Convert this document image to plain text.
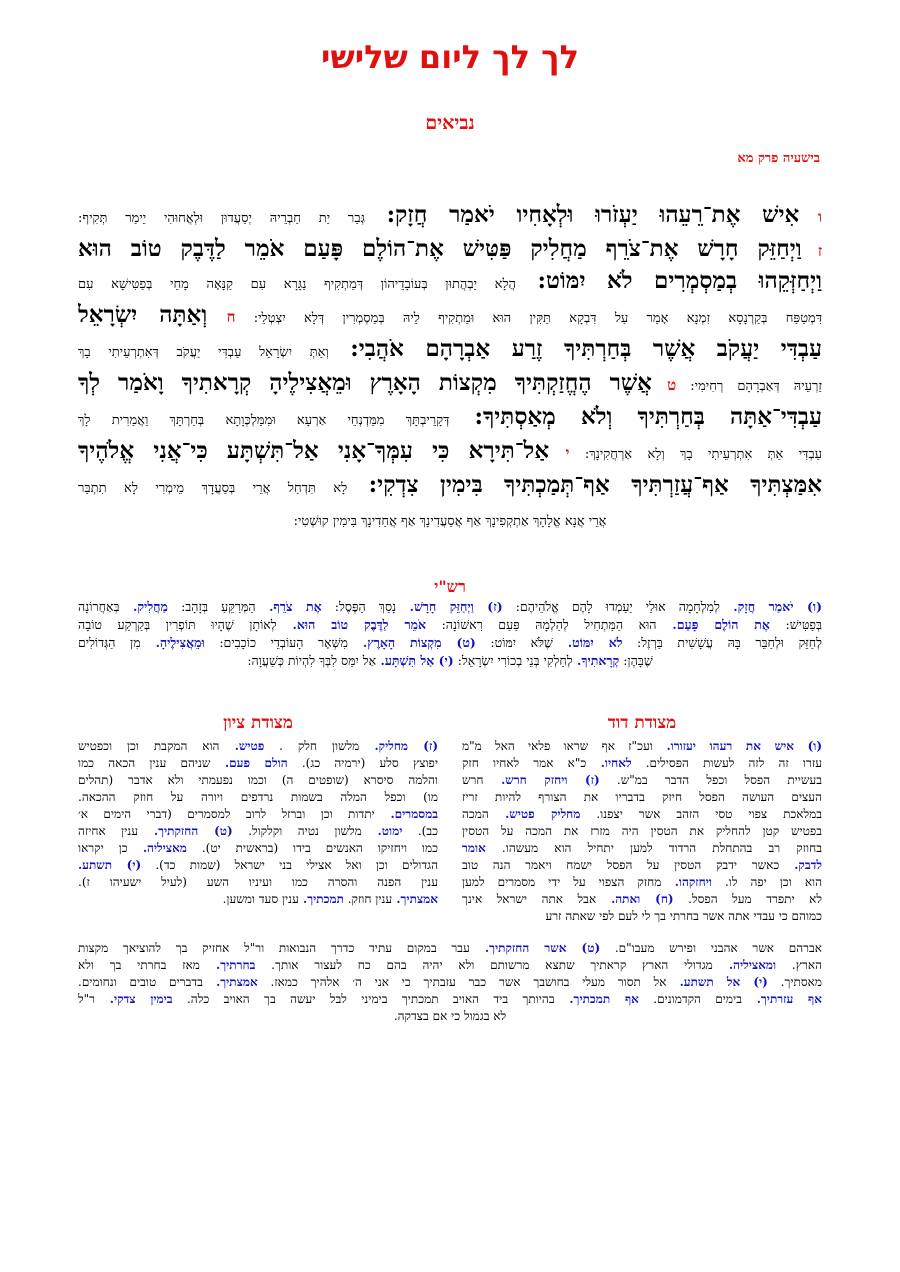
לך לך ליום שלישי
נביאים
בישעיה פרק מא
ו אִישׁ אֶת־רֵעֵהוּ יַעְזֹרוּ וּלְאָחִיו יֹאמַר חֲזָק: גְּבַר יַת חַבְרֵיהּ יְסַעֲדוּן וּלְאֲחוּהִי יֵימַר תְּקִיף:
ז וַיְחַזֵּק חָרָשׁ אֶת־צֹרֵף מַחֲלִיק פַּטִּישׁ אֶת־הוֹלֶם פָּעַם אֹמֵר לַדֶּבֶק טוֹב הוּא
וַיְחַזְּקֵהוּ בְמַסְמְרִים לֹא יִמּוֹט: הֲלָא יַבְהֲתוּן בְּעוֹבָדֵיהוֹן דְּמַתְקִיף נַגָּרָא עִם קַנָּאָה מָחֵי בְּפַטִּישָׁא עִם
דִּמְטַפַּח בְּקַרְנָסָא זִמְנָא אָמַר עַל דִּבְקָא תַּקִּין הוּא וּמַתְקִיף לֵיהּ בְּמַסְמְרִין דְּלָא יִצְטְלֵי: ח וְאַתָּה יִשְׂרָאֵל
עַבְדִּי יַעֲקֹב אֲשֶׁר בְּחַרְתִּיךָ זֶרַע אַבְרָהָם אֹהֲבִי: וְאַתְּ יִשְׂרָאֵל עַבְדִּי יַעֲקֹב דְּאִתְרְעֵיתִי בָךְ
זַרְעֵיהּ דְּאַבְרָהָם רְחִימִי: ט אֲשֶׁר הֶחֱזַקְתִּיךָ מִקְצוֹת הָאָרֶץ וּמֵאֲצִילֶיהָ קְרָאתִיךָ וָאֹמַר לְךָ
עַבְדִּי־אַתָּה בְּחַרְתִּיךָ וְלֹא מְאַסְתִּיךָ: דְּקָרֵיבְתָּךְ מִמַּדְנְחֵי אַרְעָא וּמִמַּלְכְּוָתָא בְּחַרְתָּךְ וַאֲמַרִית לָךְ
עַבְדִּי אַתְּ אִתְרְעֵיתִי בָךְ וְלָא אַרְחֲקִינָךְ: י אַל־תִּירָא כִּי עִמְּךָ־אָנִי אַל־תִּשְׁתָּע כִּי־אֲנִי אֱלֹהֶיךָ
אִמַּצְתִּיךָ אַף־עֲזַרְתִּיךָ אַף־תְּמַכְתִּיךָ בִּימִין צִדְקִי: לָא תִּדְחַל אֲרֵי בְּסַעֲדָךְ מֵימְרִי לָא תִתְבַּר
אֲרֵי אֲנָא אֱלָהָךְ אַתְקְפִינָךְ אַף אֲסַעֲדִינָךְ אַף אֲחַדִינָךְ בִּימִין קוּשְׁטִי:
רש"י
(ו) יֹאמַר חֲזָק. לְמִלְחָמָה אוּלַי יַעַמְדוּ לָהֶם אֱלֹהֵיהֶם: (ז) וַיְחַזֵּק חָרָשׁ. נָסַךְ הַפֶּסֶל: אֶת צֹרֵף. הַמְּרַקֵּעַ בְּזָהָב: מַחֲלִיק. בְּאַחֲרוֹנָה
בְּפַטִּישׁ: אֶת הוֹלֶם פָּעַם. הוּא הַמַּתְחִיל לְהַלְמָהּ פַּעַם רִאשׁוֹנָה: אֹמֵר לַדֶּבֶק טוֹב הוּא. לְאוֹתָן שֶׁהָיוּ תּוֹפְרִין בְּקַרְקַע טוֹבָה
לְחַזֵּק וּלְחַבֵּר בָּהּ עֲשָׁשִׁית בַּרְזֶל: לֹא יִמּוֹט. שֶׁלֹּא יִמּוֹט: (ט) מִקְצוֹת הָאָרֶץ. מִשְּׁאָר הָעוֹבְדֵי כוֹכָבִים: וּמֵאֲצִילֶיהָ. מִן הַגְּדוֹלִים
שֶׁבָּהֶן: קְרָאתִיךָ. לְחַלְקִי בְּנֵי בְכוֹרִי יִשְׂרָאֵל: (י) אַל תִּשְׁתָּע. אַל יִמַּס לִבְּךָ לִהְיוֹת כְּשַׁעֲוָה:
מצודת דוד
מצודת ציון
(ו) איש את רעהו יעזורו. ועכ"ז אף שראו פלאי האל מ"מ
עזרו זה לזה לעשות הפסילים. לאחיו. כ"א אמר לאחיו חזק
בעשיית הפסל וכפל הדבר במ"ש. (ז) ויחזק חרש. חרש
העצים העושה הפסל חיזק בדבריו את הצורף להיות זריז
במלאכת צפוי טסי הזהב אשר יצפנו. מחליק פטיש. המכה
בפטיש קטן להחליק את הטסין היה מזרז את המכה על הטסין
בחוזק רב בהתחלת הרדוד למען יתחיל הוא מעשהו. אומר
לדבק. כאשר ידבק הטסין על הפסל ישמח ויאמר הנה טוב
הוא וכן יפה לו. ויחזקהו. מחזק הצפוי על ידי מסמרים למען
לא יתפרד מעל הפסל. (ח) ואתה. אבל אתה ישראל אינך
כמוהם כי עבדי אתה אשר בחרתי בך לי לעם לפי שאתה זרע
(ז) מחליק. מלשון חלק . פטיש. הוא המקבת וכן וכפטיש
יפוצץ סלע (ירמיה כג). הולם פעם. שניהם ענין הכאה כמו
והלמה סיסרא (שופטים ה) וכמו נפעמתי ולא אדבר (תהלים
מו) וכפל המלה בשמות נרדפים ויורה על חוזק ההכאה.
במסמרים. יתדות וכן וברזל לרוב למסמרים (דברי הימים א׳
כב). ימוט. מלשון נטיה וקלקול. (ט) החזקתיך. ענין אחיזה
כמו ויחזיקו האנשים בידו (בראשית יט). מאציליה. כן יקראו
הגדולים וכן ואל אצילי בני ישראל (שמות כד). (י) תשתע.
ענין הפנה והסרה כמו ועיניו השע (לעיל ישעיהו ז).
אמצתיך. ענין חוזק. תמכתיך. ענין סעד ומשען.
אברהם אשר אהבני ופירש מעבו"ם. (ט) אשר החזקתיך. עבר במקום עתיד כדרך הנבואות ור"ל אחזיק בך להוציאך מקצות
הארץ. ומאציליה. מגדולי הארץ קראתיך שתצא מרשותם ולא יהיה בהם כח לעצור אותך. בחרתיך. מאז בחרתי בך ולא
מאסתיך. (י) אל תשתע. אל תסור מעלי בחושבך אשר כבר עזבתיך כי אני ה׳ אלהיך כמאז. אמצתיך. בדברים טובים ונחומים.
אף עזרתיך. בימים הקדמונים. אף תמכתיך. בהיותך ביד האויב תמכתיך בימיני לבל יעשה בך האויב כלה. בימין צדקי. ר"ל
לא בגמול כי אם בצדקה.
